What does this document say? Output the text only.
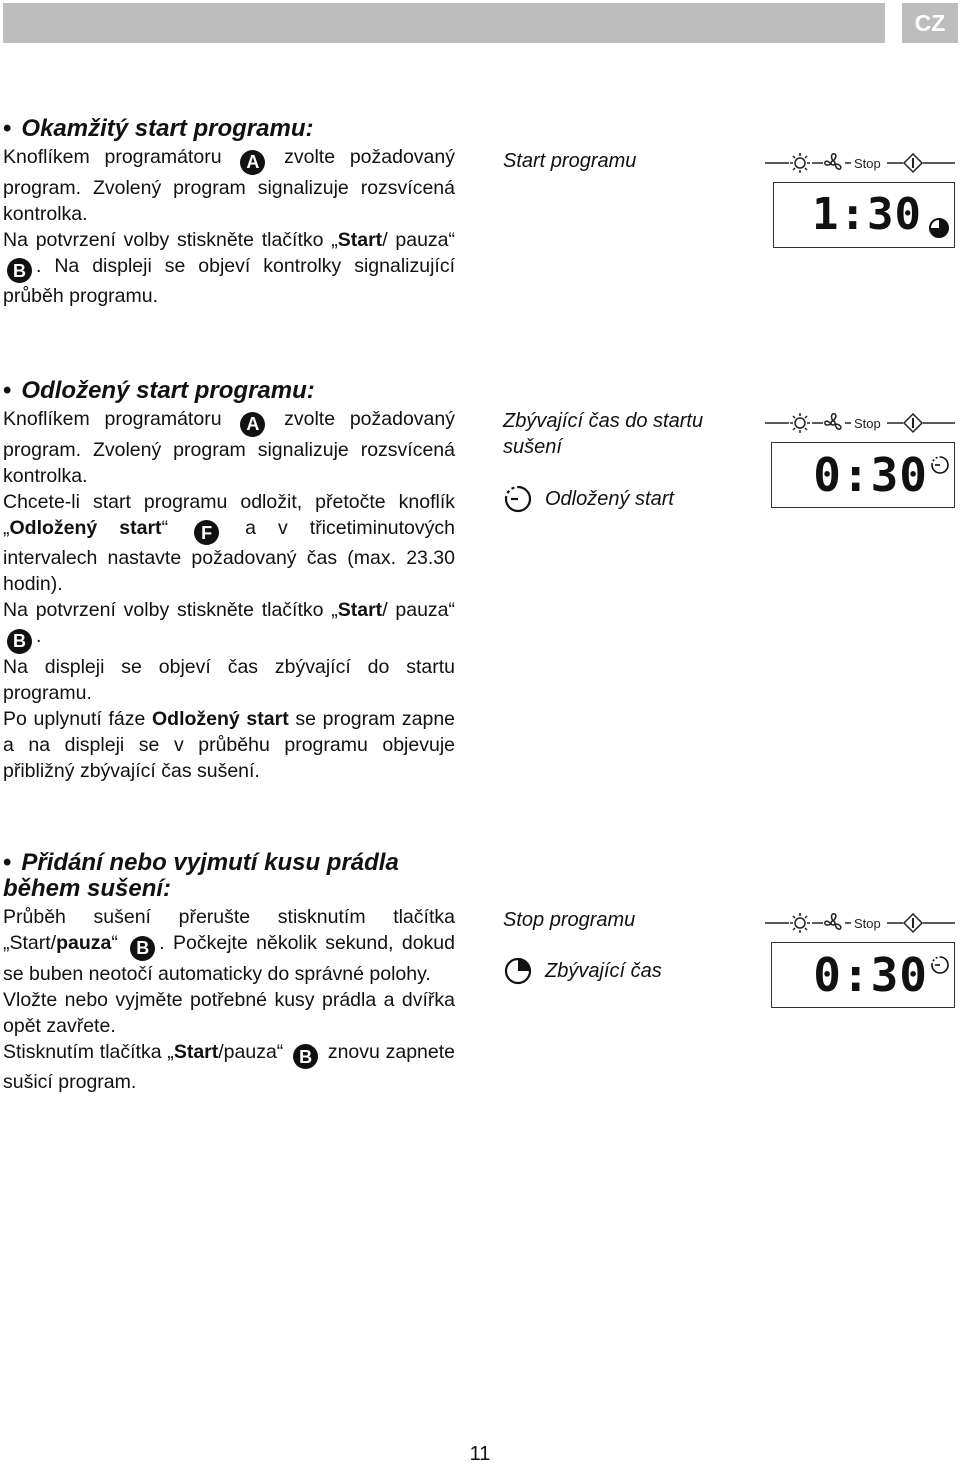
CZ
• Okamžitý start programu:

Knoflíkem programátoru A zvolte požadovaný program. Zvolený program signalizuje rozsvícená kontrolka.

Na potvrzení volby stiskněte tlačítko „Start/ pauza“ B . Na displeji se objeví kontrolky signalizující průběh programu.

Start programu	Stop
1:30
• Odložený start programu:

Knoflíkem programátoru A zvolte požadovaný program. Zvolený program signalizuje rozsvícená kontrolka.

Chcete-li start programu odložit, přetočte knoflík „Odložený start“ F a v třicetiminutových intervalech nastavte požadovaný čas (max. 23.30 hodin).

Na potvrzení volby stiskněte tlačítko „Start/ pauza“ B .

Na displeji se objeví čas zbývající do startu programu.

Po uplynutí fáze Odložený start se program zapne a na displeji se v průběhu programu objevuje přibližný zbývající čas sušení.

Zbývající čas do startu sušení
Odložený start
Stop
0:30
• Přidání nebo vyjmutí kusu prádla během sušení:

Průběh sušení přerušte stisknutím tlačítka „Start/pauza“ B . Počkejte několik sekund, dokud se buben neotočí automaticky do správné polohy.

Vložte nebo vyjměte potřebné kusy prádla a dvířka opět zavřete.

Stisknutím tlačítka „Start/pauza“ B znovu zapnete sušicí program.

Stop programu
Zbývající čas
Stop
0:30
11
